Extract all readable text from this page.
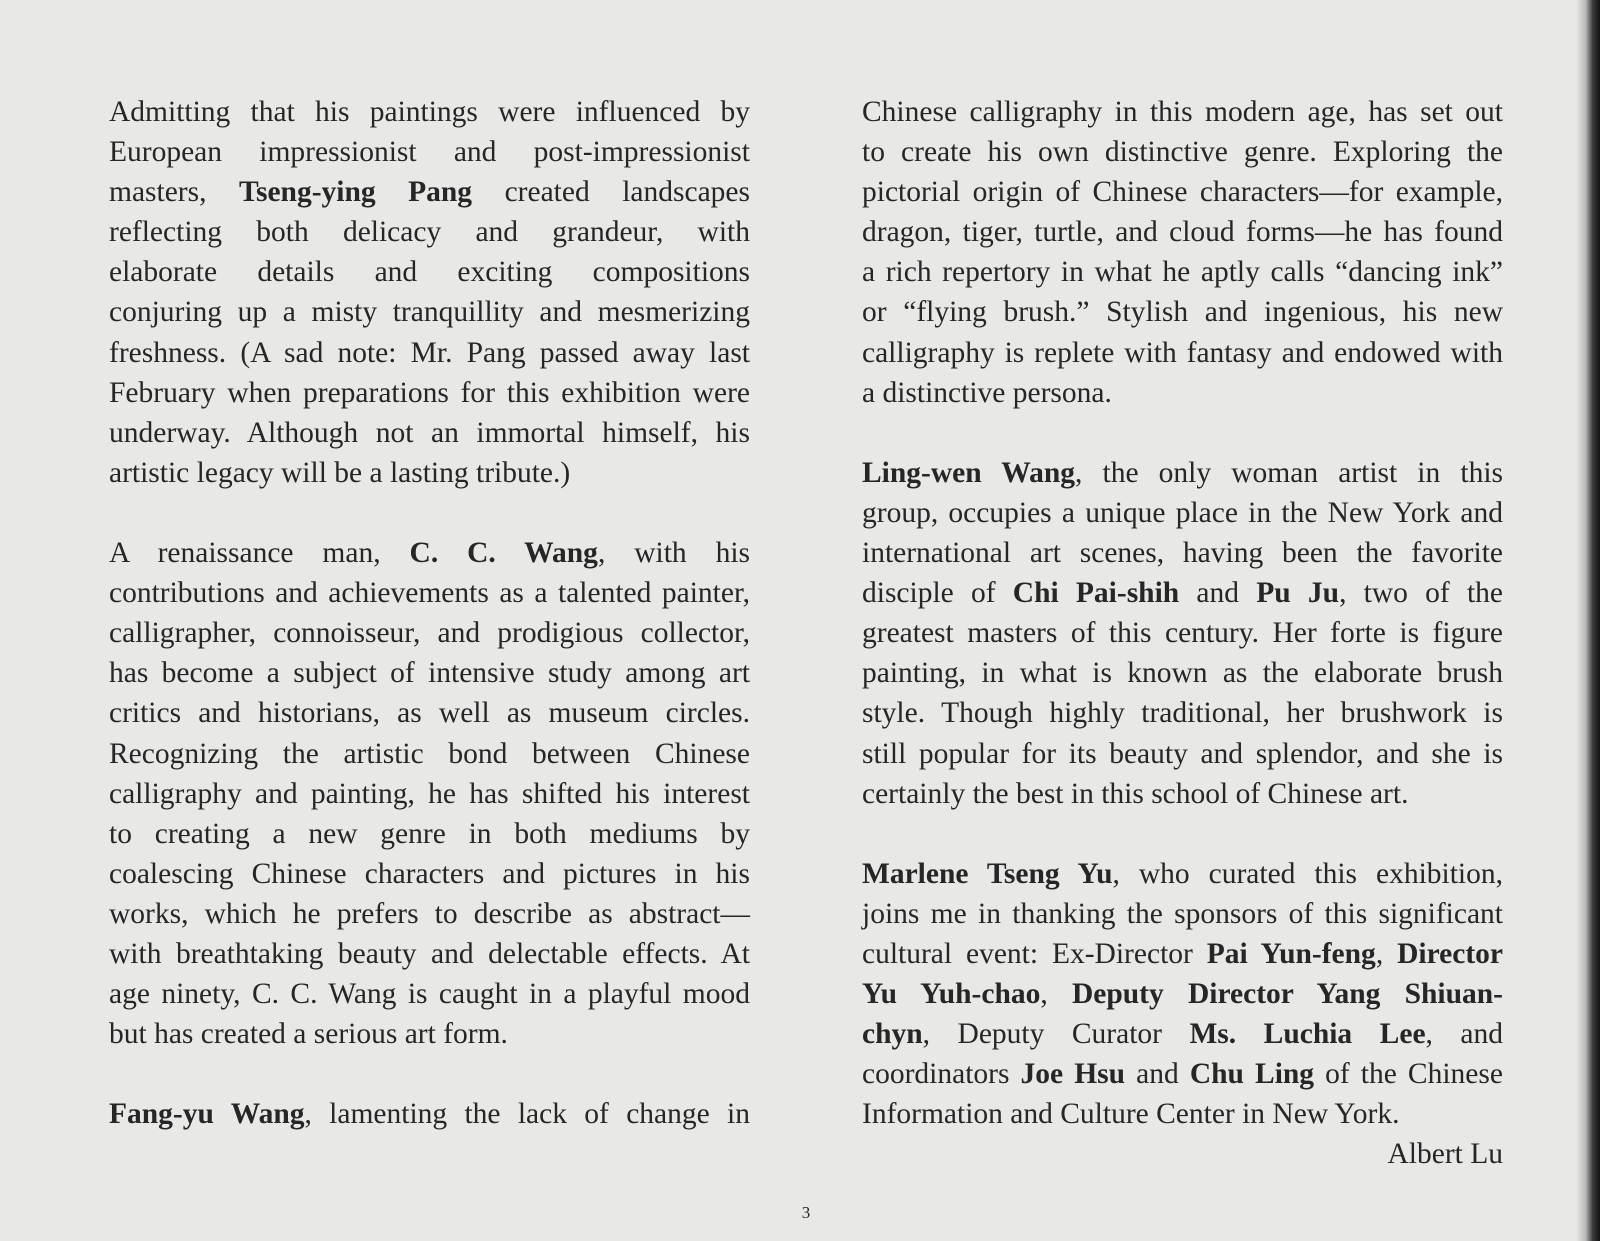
Admitting that his paintings were influenced by
European impressionist and post-impressionist
masters, Tseng-ying Pang created landscapes
reflecting both delicacy and grandeur, with
elaborate details and exciting compositions
conjuring up a misty tranquillity and mesmerizing
freshness. (A sad note: Mr. Pang passed away last
February when preparations for this exhibition were
underway. Although not an immortal himself, his
artistic legacy will be a lasting tribute.)

A renaissance man, C. C. Wang, with his
contributions and achievements as a talented painter,
calligrapher, connoisseur, and prodigious collector,
has become a subject of intensive study among art
critics and historians, as well as museum circles.
Recognizing the artistic bond between Chinese
calligraphy and painting, he has shifted his interest
to creating a new genre in both mediums by
coalescing Chinese characters and pictures in his
works, which he prefers to describe as abstract—
with breathtaking beauty and delectable effects. At
age ninety, C. C. Wang is caught in a playful mood
but has created a serious art form.

Fang-yu Wang, lamenting the lack of change in
Chinese calligraphy in this modern age, has set out
to create his own distinctive genre. Exploring the
pictorial origin of Chinese characters—for example,
dragon, tiger, turtle, and cloud forms—he has found
a rich repertory in what he aptly calls “dancing ink”
or “flying brush.” Stylish and ingenious, his new
calligraphy is replete with fantasy and endowed with
a distinctive persona.

Ling-wen Wang, the only woman artist in this
group, occupies a unique place in the New York and
international art scenes, having been the favorite
disciple of Chi Pai-shih and Pu Ju, two of the
greatest masters of this century. Her forte is figure
painting, in what is known as the elaborate brush
style. Though highly traditional, her brushwork is
still popular for its beauty and splendor, and she is
certainly the best in this school of Chinese art.

Marlene Tseng Yu, who curated this exhibition,
joins me in thanking the sponsors of this significant
cultural event: Ex-Director Pai Yun-feng, Director
Yu Yuh-chao, Deputy Director Yang Shiuan-
chyn, Deputy Curator Ms. Luchia Lee, and
coordinators Joe Hsu and Chu Ling of the Chinese
Information and Culture Center in New York.
Albert Lu
3
